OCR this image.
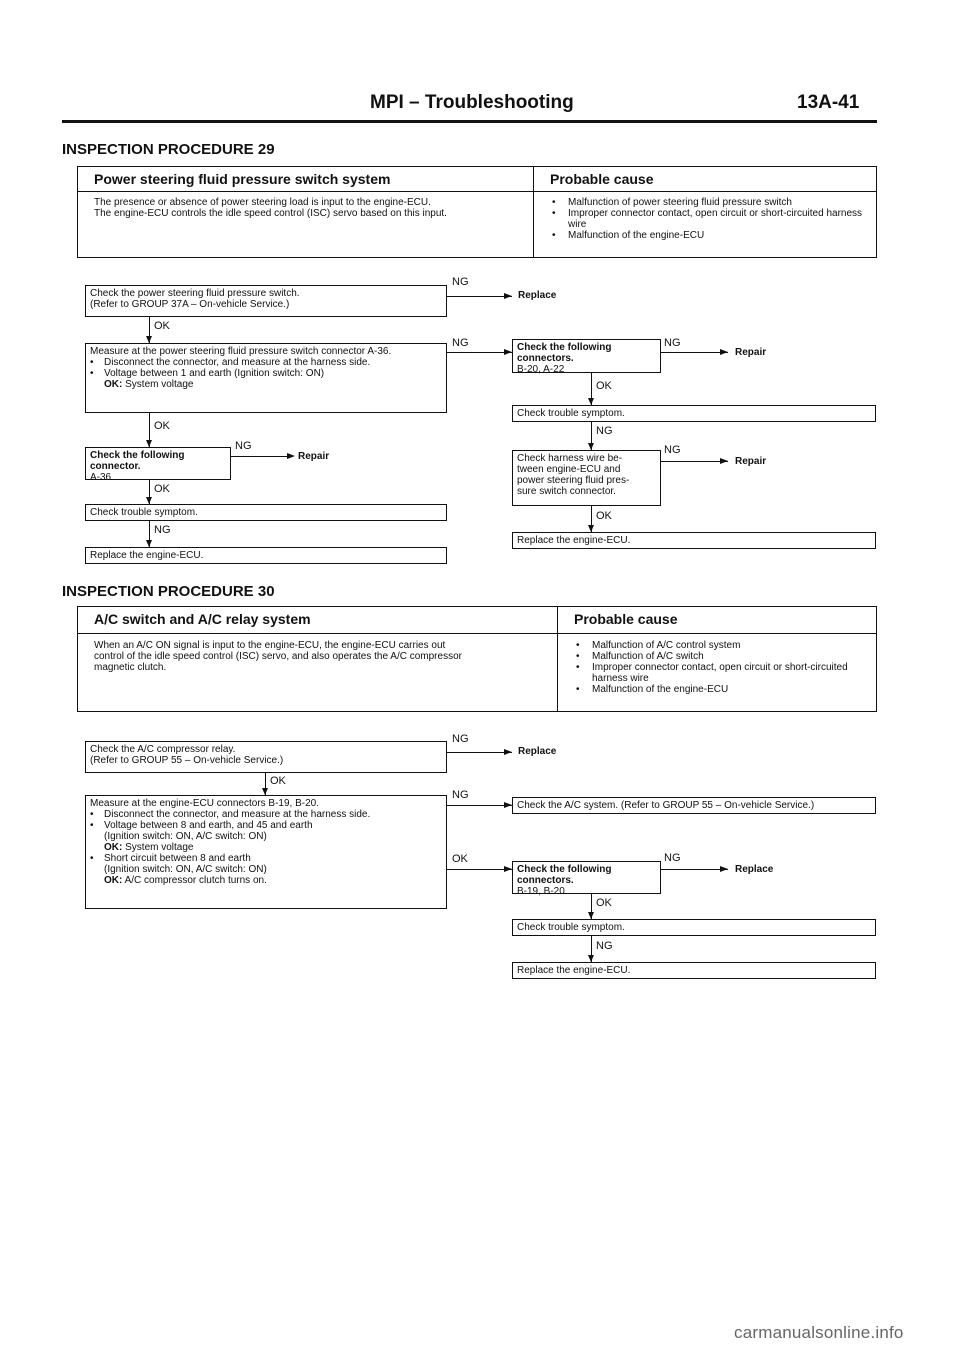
MPI – Troubleshooting	13A-41
INSPECTION PROCEDURE 29
Power steering fluid pressure switch system	Probable cause
The presence or absence of power steering load is input to the engine-ECU.
The engine-ECU controls the idle speed control (ISC) servo based on this input.
• Malfunction of power steering fluid pressure switch
• Improper connector contact, open circuit or short-circuited harness wire
• Malfunction of the engine-ECU
Check the power steering fluid pressure switch.
(Refer to GROUP 37A – On-vehicle Service.)
Measure at the power steering fluid pressure switch connector A-36.
• Disconnect the connector, and measure at the harness side.
• Voltage between 1 and earth (Ignition switch: ON)
OK: System voltage
Check the following connector.
A-36
Check trouble symptom.
Replace the engine-ECU.
Check the following connectors.
B-20, A-22
Check trouble symptom.
Check harness wire be-
tween engine-ECU and
power steering fluid pres-
sure switch connector.
Replace the engine-ECU.
NG
Replace
OK
NG	NG
Repair
OK
OK
NG
Repair
NG
NG
Repair
OK
OK
NG
INSPECTION PROCEDURE 30
A/C switch and A/C relay system	Probable cause
When an A/C ON signal is input to the engine-ECU, the engine-ECU carries out
control of the idle speed control (ISC) servo, and also operates the A/C compressor
magnetic clutch.
• Malfunction of A/C control system
• Malfunction of A/C switch
• Improper connector contact, open circuit or short-circuited harness wire
• Malfunction of the engine-ECU
Check the A/C compressor relay.
(Refer to GROUP 55 – On-vehicle Service.)
Measure at the engine-ECU connectors B-19, B-20.
• Disconnect the connector, and measure at the harness side.
• Voltage between 8 and earth, and 45 and earth
(Ignition switch: ON, A/C switch: ON)
OK: System voltage
• Short circuit between 8 and earth
(Ignition switch: ON, A/C switch: ON)
OK: A/C compressor clutch turns on.
Check the A/C system. (Refer to GROUP 55 – On-vehicle Service.)
Check the following connectors.
B-19, B-20
Check trouble symptom.
Replace the engine-ECU.
NG
Replace
OK
NG
OK	NG
Replace
OK
NG
carmanualsonline.info
